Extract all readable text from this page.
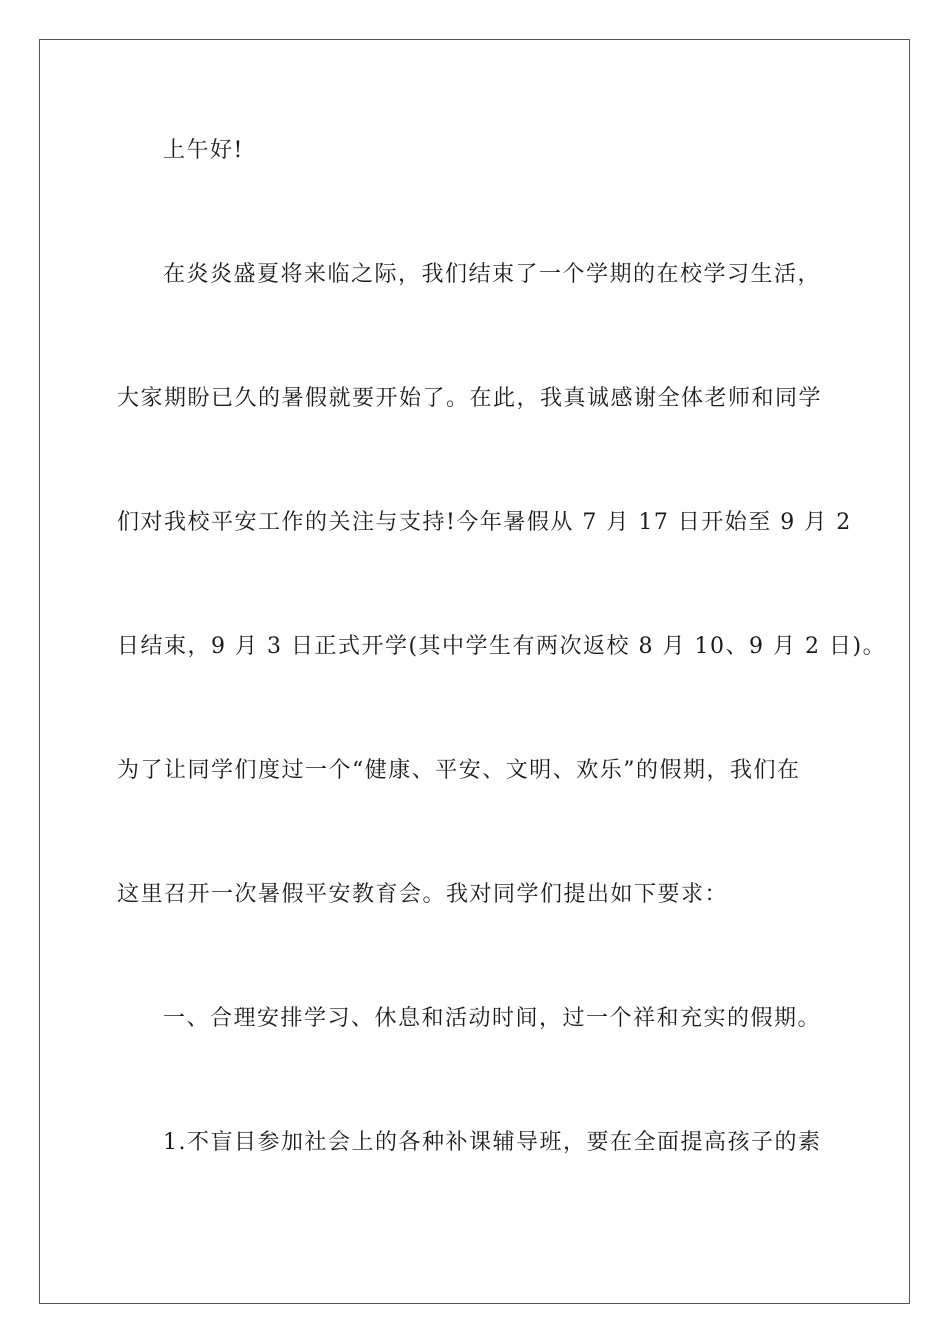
上午好!
在炎炎盛夏将来临之际，我们结束了一个学期的在校学习生活，
大家期盼已久的暑假就要开始了。在此，我真诚感谢全体老师和同学
们对我校平安工作的关注与支持!今年暑假从 7 月 17 日开始至 9 月 2
日结束，9 月 3 日正式开学(其中学生有两次返校 8 月 10、9 月 2 日)。
为了让同学们度过一个“健康、平安、文明、欢乐”的假期，我们在
这里召开一次暑假平安教育会。我对同学们提出如下要求：
一、合理安排学习、休息和活动时间，过一个祥和充实的假期。
1.不盲目参加社会上的各种补课辅导班，要在全面提高孩子的素
